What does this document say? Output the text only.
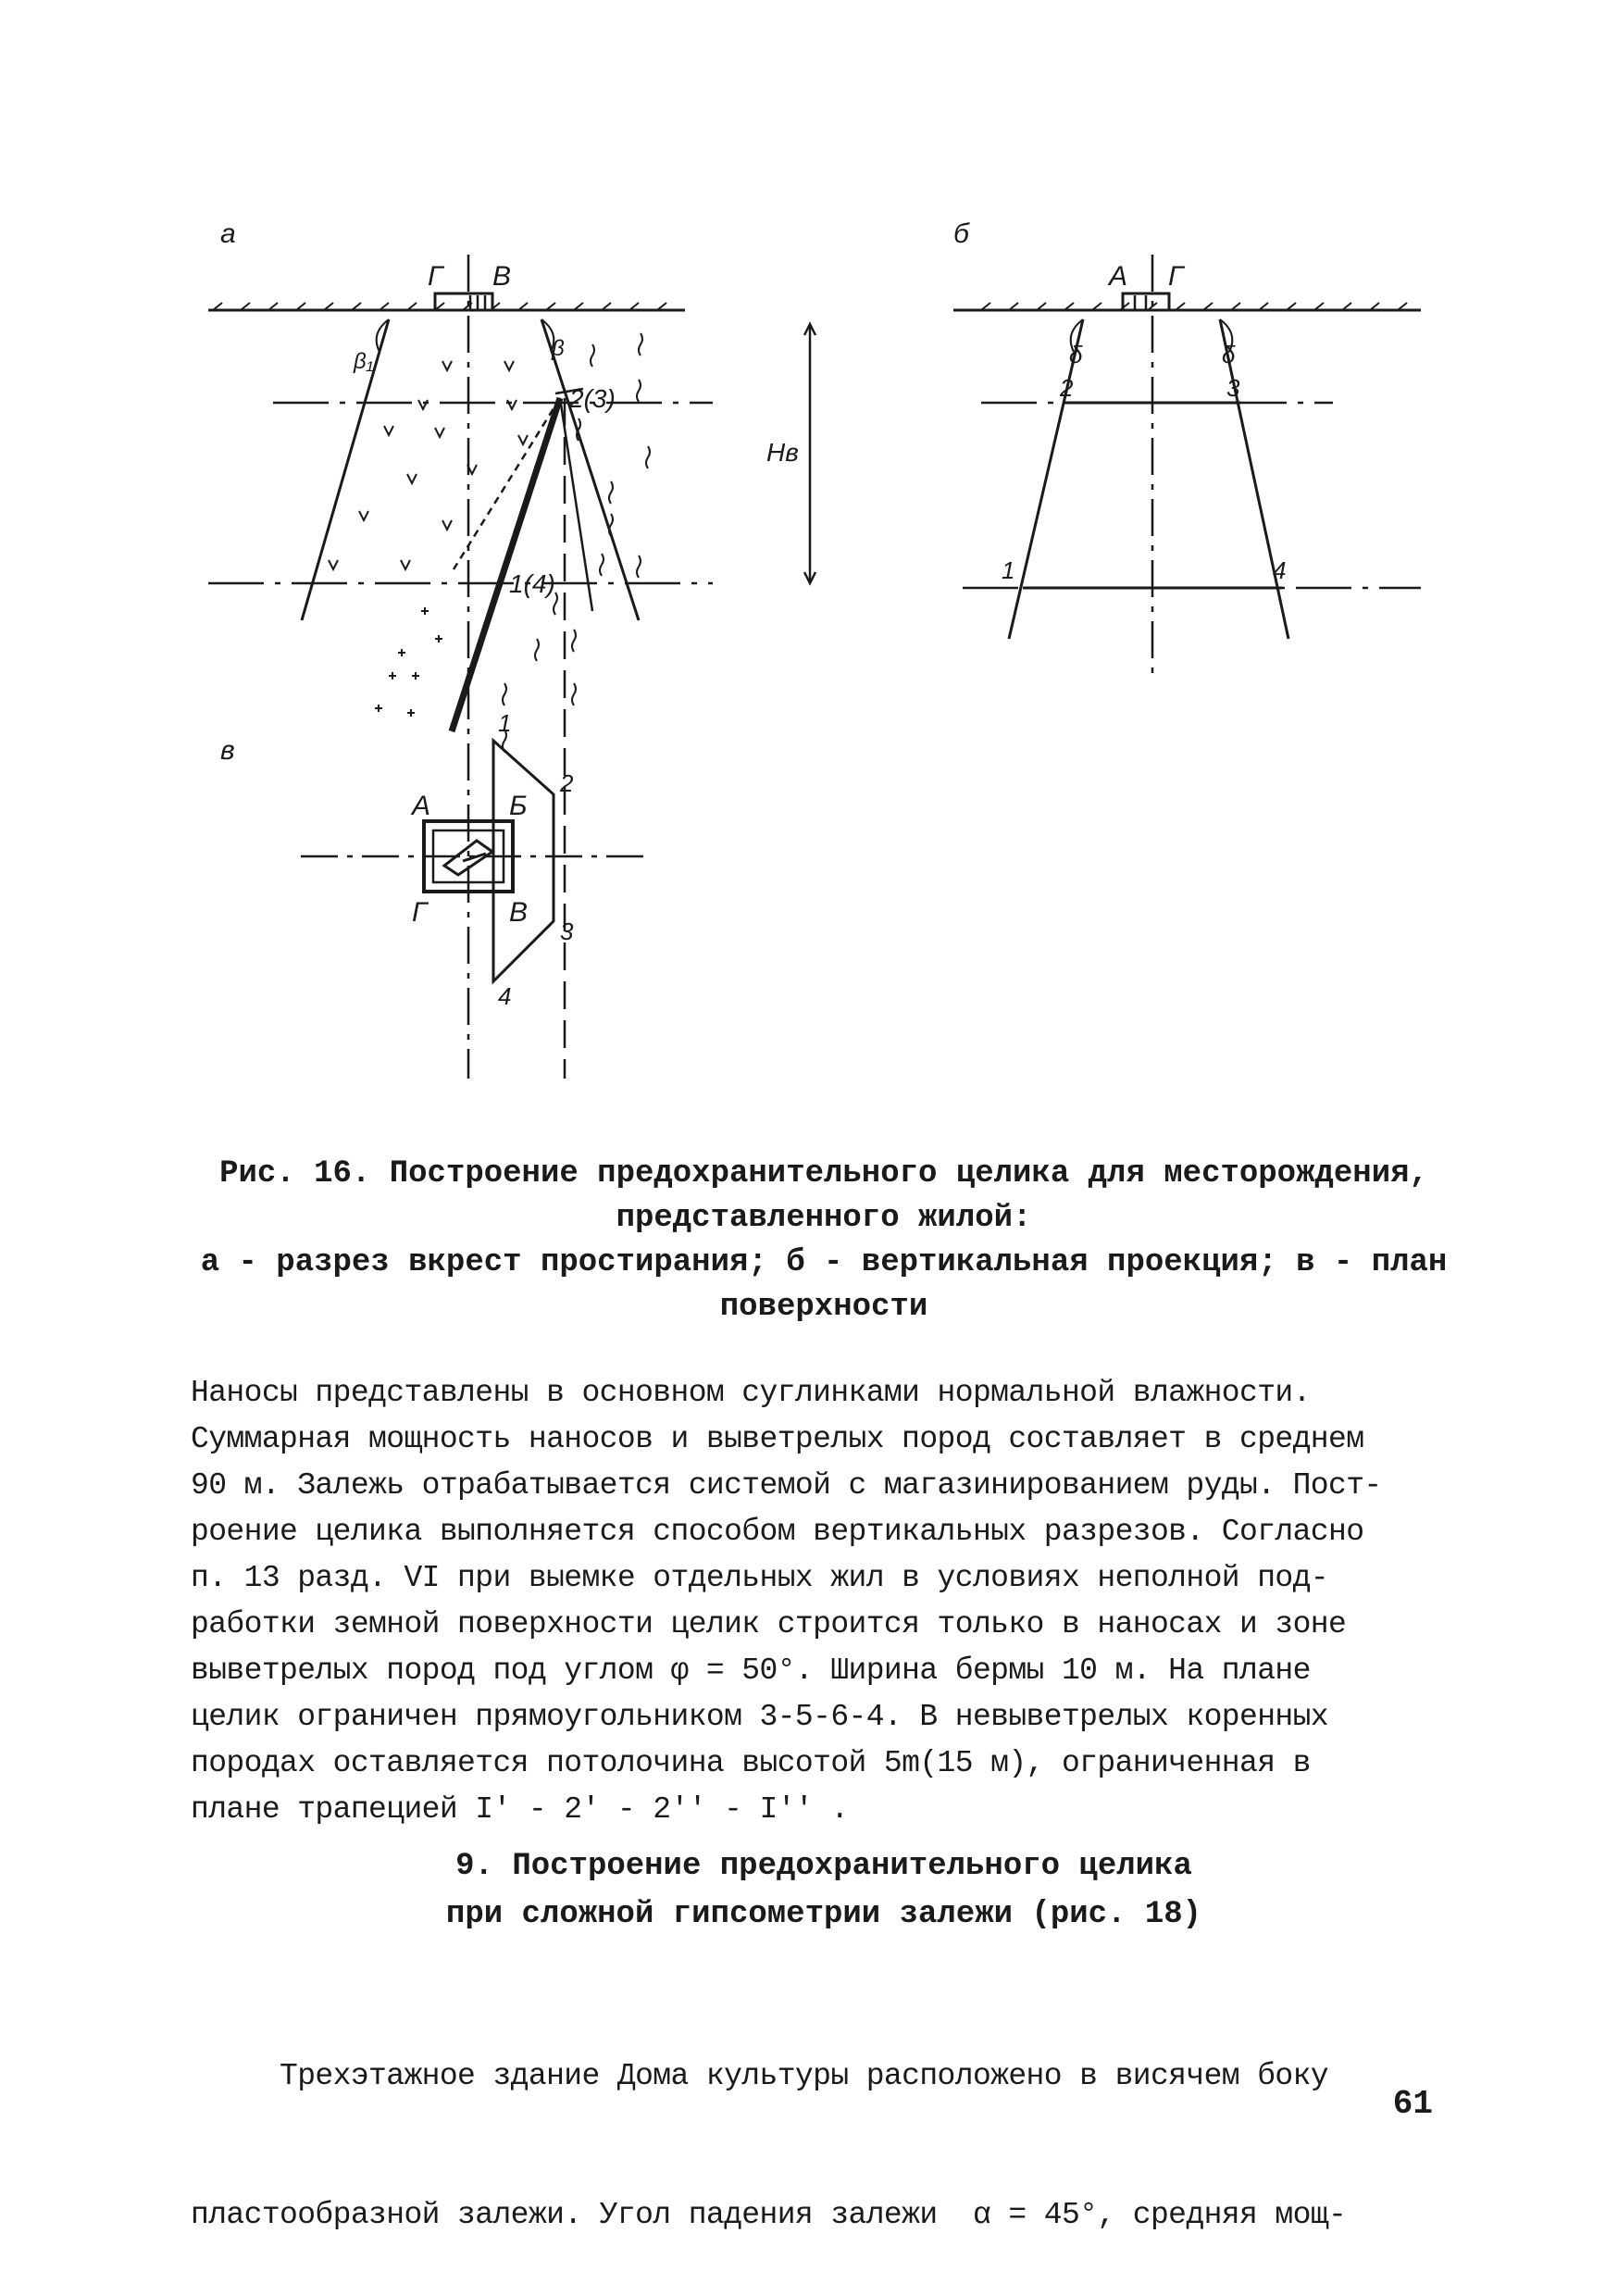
а	б
в
Г В
β₁
β
2(3)
1(4)
Hв
1
А Г
δ	δ
2	3
1	4
А	Б
Г	В
2
3
4
Рис. 16. Построение предохранительного целика для месторождения,
представленного жилой:
а - разрез вкрест простирания; б - вертикальная проекция; в - план
поверхности
Наносы представлены в основном суглинками нормальной влажности.
Суммарная мощность наносов и выветрелых пород составляет в среднем
90 м. Залежь отрабатывается системой с магазинированием руды. Пост-
роение целика выполняется способом вертикальных разрезов. Согласно
п. 13 разд. VI при выемке отдельных жил в условиях неполной под-
работки земной поверхности целик строится только в наносах и зоне
выветрелых пород под углом φ = 50°. Ширина бермы 10 м. На плане
целик ограничен прямоугольником 3-5-6-4. В невыветрелых коренных
породах оставляется потолочина высотой 5m(15 м), ограниченная в
плане трапецией I' - 2' - 2'' - I'' .
9. Построение предохранительного целика
при сложной гипсометрии залежи (рис. 18)

Трехэтажное здание Дома культуры расположено в висячем боку

пластообразной залежи. Угол падения залежи  α = 45°, средняя мощ-

61
